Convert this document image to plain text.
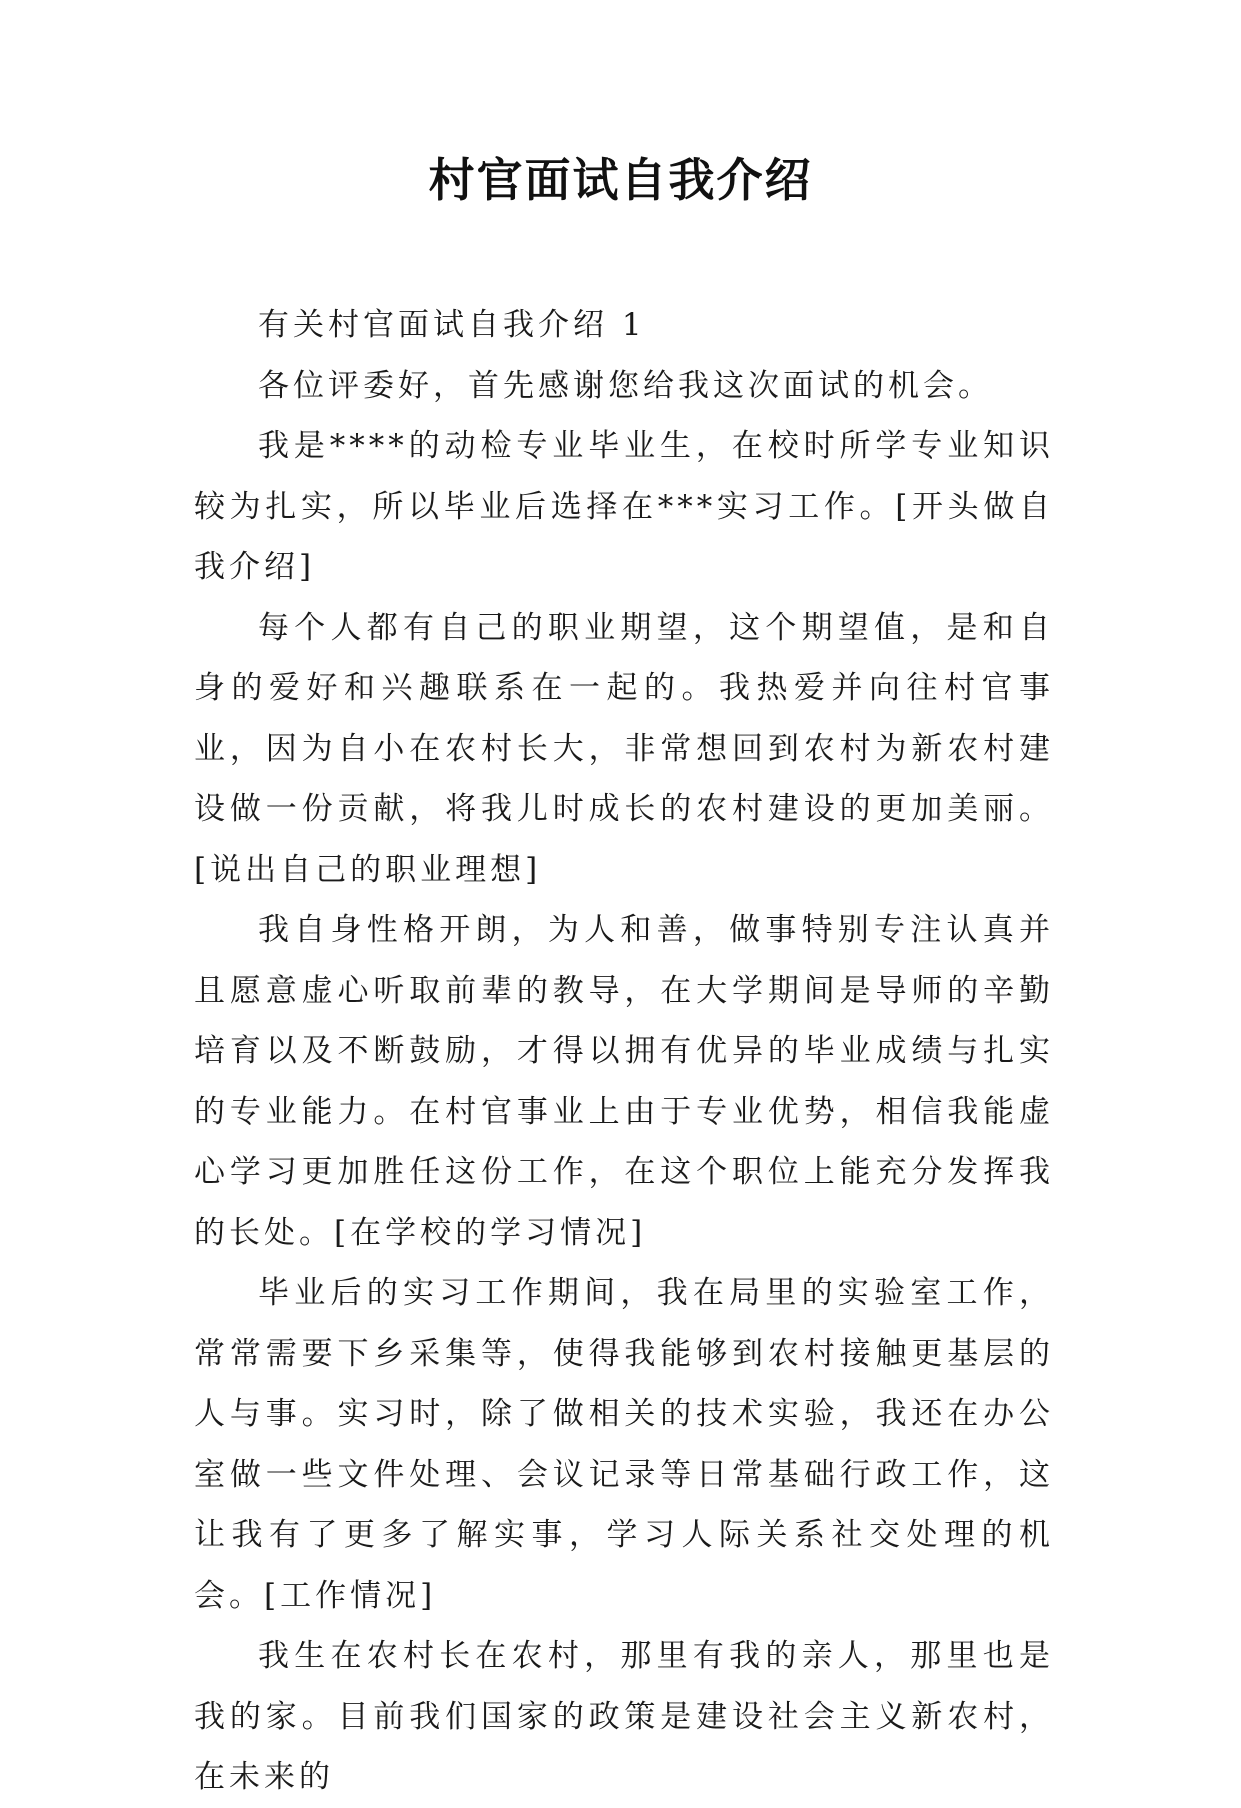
村官面试自我介绍

有关村官面试自我介绍 1

各位评委好，首先感谢您给我这次面试的机会。

我是****的动检专业毕业生，在校时所学专业知识较为扎实，所以毕业后选择在***实习工作。[开头做自我介绍]

每个人都有自己的职业期望，这个期望值，是和自身的爱好和兴趣联系在一起的。我热爱并向往村官事业，因为自小在农村长大，非常想回到农村为新农村建设做一份贡献，将我儿时成长的农村建设的更加美丽。[说出自己的职业理想]

我自身性格开朗，为人和善，做事特别专注认真并且愿意虚心听取前辈的教导，在大学期间是导师的辛勤培育以及不断鼓励，才得以拥有优异的毕业成绩与扎实的专业能力。在村官事业上由于专业优势，相信我能虚心学习更加胜任这份工作，在这个职位上能充分发挥我的长处。[在学校的学习情况]

毕业后的实习工作期间，我在局里的实验室工作，常常需要下乡采集等，使得我能够到农村接触更基层的人与事。实习时，除了做相关的技术实验，我还在办公室做一些文件处理、会议记录等日常基础行政工作，这让我有了更多了解实事，学习人际关系社交处理的机会。[工作情况]

我生在农村长在农村，那里有我的亲人，那里也是我的家。目前我们国家的政策是建设社会主义新农村，在未来的
